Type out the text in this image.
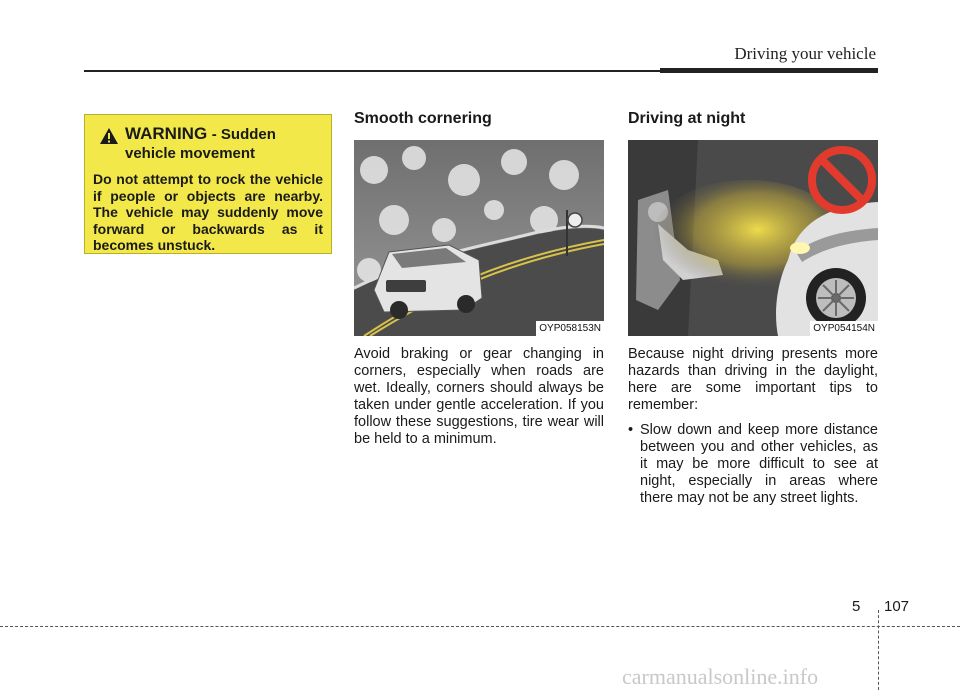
Driving your vehicle
WARNING - Sudden vehicle movement
Do not attempt to rock the vehicle if people or objects are nearby. The vehicle may suddenly move forward or backwards as it becomes unstuck.
Smooth cornering
OYP058153N
Avoid braking or gear changing in corners, especially when roads are wet. Ideally, corners should always be taken under gentle acceleration. If you follow these suggestions, tire wear will be held to a minimum.
Driving at night
OYP054154N
Because night driving presents more hazards than driving in the daylight, here are some important tips to remember:
• Slow down and keep more distance between you and other vehicles, as it may be more difficult to see at night, especially in areas where there may not be any street lights.
5 107
carmanualsonline.info
